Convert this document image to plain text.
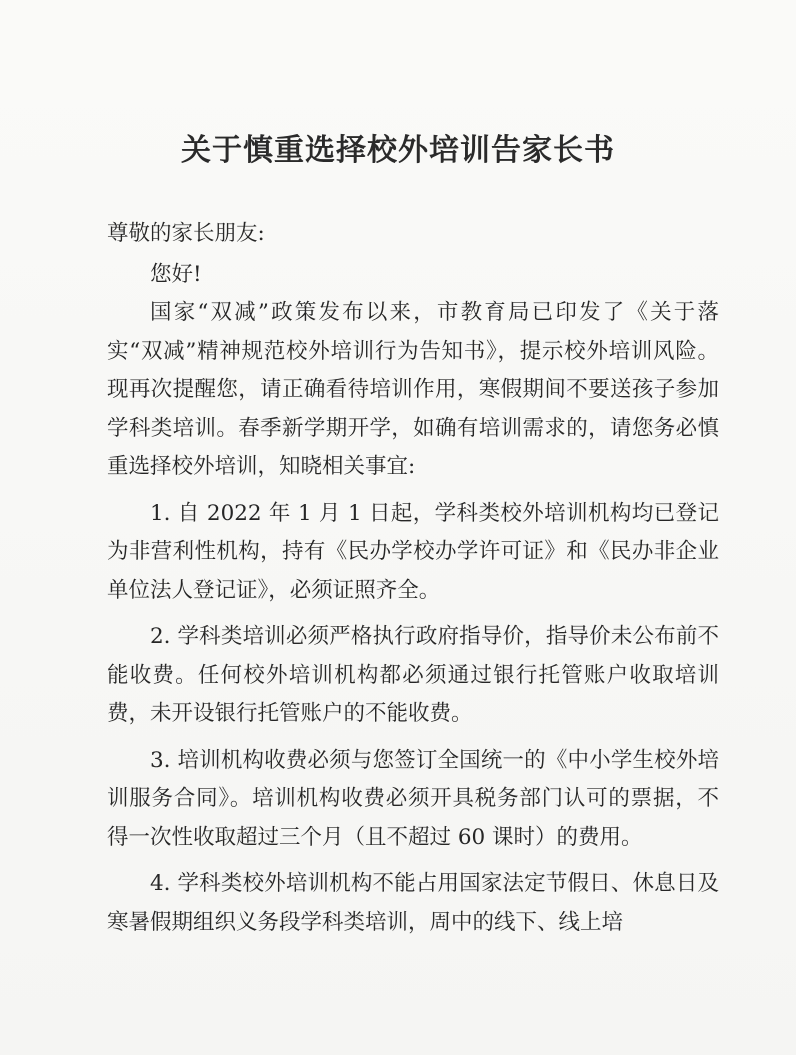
关于慎重选择校外培训告家长书

尊敬的家长朋友:

您好!

国家“双减”政策发布以来，市教育局已印发了《关于落实“双减”精神规范校外培训行为告知书》，提示校外培训风险。现再次提醒您，请正确看待培训作用，寒假期间不要送孩子参加学科类培训。春季新学期开学，如确有培训需求的，请您务必慎重选择校外培训，知晓相关事宜:

1. 自 2022 年 1 月 1 日起，学科类校外培训机构均已登记为非营利性机构，持有《民办学校办学许可证》和《民办非企业单位法人登记证》，必须证照齐全。

2. 学科类培训必须严格执行政府指导价，指导价未公布前不能收费。任何校外培训机构都必须通过银行托管账户收取培训费，未开设银行托管账户的不能收费。

3. 培训机构收费必须与您签订全国统一的《中小学生校外培训服务合同》。培训机构收费必须开具税务部门认可的票据，不得一次性收取超过三个月（且不超过 60 课时）的费用。

4. 学科类校外培训机构不能占用国家法定节假日、休息日及寒暑假期组织义务段学科类培训，周中的线下、线上培
